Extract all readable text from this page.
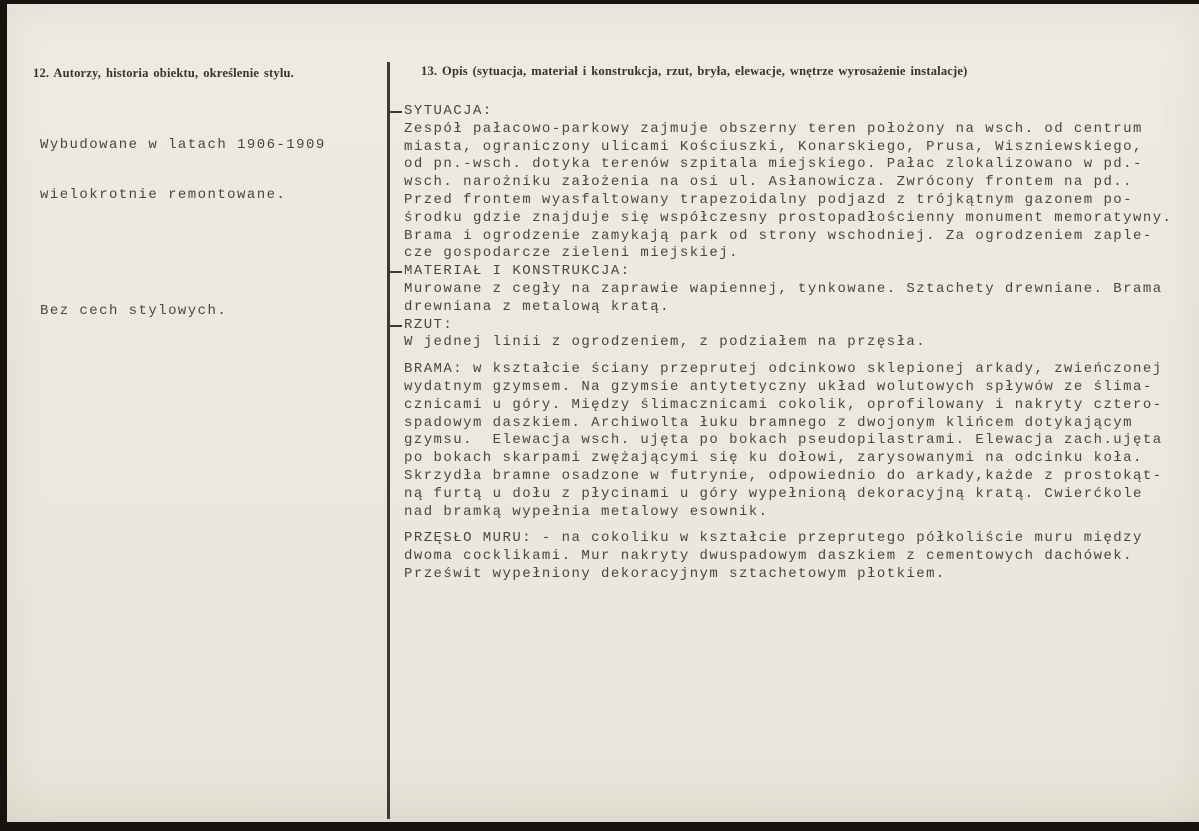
12. Autorzy, historia obiektu, określenie stylu.	13. Opis (sytuacja, materiał i konstrukcja, rzut, bryła, elewacje, wnętrze wyrosażenie instalacje)

Wybudowane w latach 1906-1909

wielokrotnie remontowane.

Bez cech stylowych.

SYTUACJA:
Zespół pałacowo-parkowy zajmuje obszerny teren położony na wsch. od centrum
miasta, ograniczony ulicami Kościuszki, Konarskiego, Prusa, Wiszniewskiego,
od pn.-wsch. dotyka terenów szpitala miejskiego. Pałac zlokalizowano w pd.-
wsch. narożniku założenia na osi ul. Asłanowicza. Zwrócony frontem na pd..
Przed frontem wyasfaltowany trapezoidalny podjazd z trójkątnym gazonem po-
środku gdzie znajduje się współczesny prostopadłościenny monument memoratywny.
Brama i ogrodzenie zamykają park od strony wschodniej. Za ogrodzeniem zaple-
cze gospodarcze zieleni miejskiej.
MATERIAŁ I KONSTRUKCJA:
Murowane z cegły na zaprawie wapiennej, tynkowane. Sztachety drewniane. Brama
drewniana z metalową kratą.
RZUT:
W jednej linii z ogrodzeniem, z podziałem na przęsła.
BRAMA: w kształcie ściany przeprutej odcinkowo sklepionej arkady, zwieńczonej
wydatnym gzymsem. Na gzymsie antytetyczny układ wolutowych spływów ze ślima-
cznicami u góry. Między ślimacznicami cokolik, oprofilowany i nakryty cztero-
spadowym daszkiem. Archiwolta łuku bramnego z dwojonym klińcem dotykającym
gzymsu.  Elewacja wsch. ujęta po bokach pseudopilastrami. Elewacja zach.ujęta
po bokach skarpami zwężającymi się ku dołowi, zarysowanymi na odcinku koła.
Skrzydła bramne osadzone w futrynie, odpowiednio do arkady,każde z prostokąt-
ną furtą u dołu z płycinami u góry wypełnioną dekoracyjną kratą. Cwierćkole
nad bramką wypełnia metalowy esownik.
PRZĘSŁO MURU: - na cokoliku w kształcie przeprutego półkoliście muru między
dwoma cocklikami. Mur nakryty dwuspadowym daszkiem z cementowych dachówek.
Prześwit wypełniony dekoracyjnym sztachetowym płotkiem.
